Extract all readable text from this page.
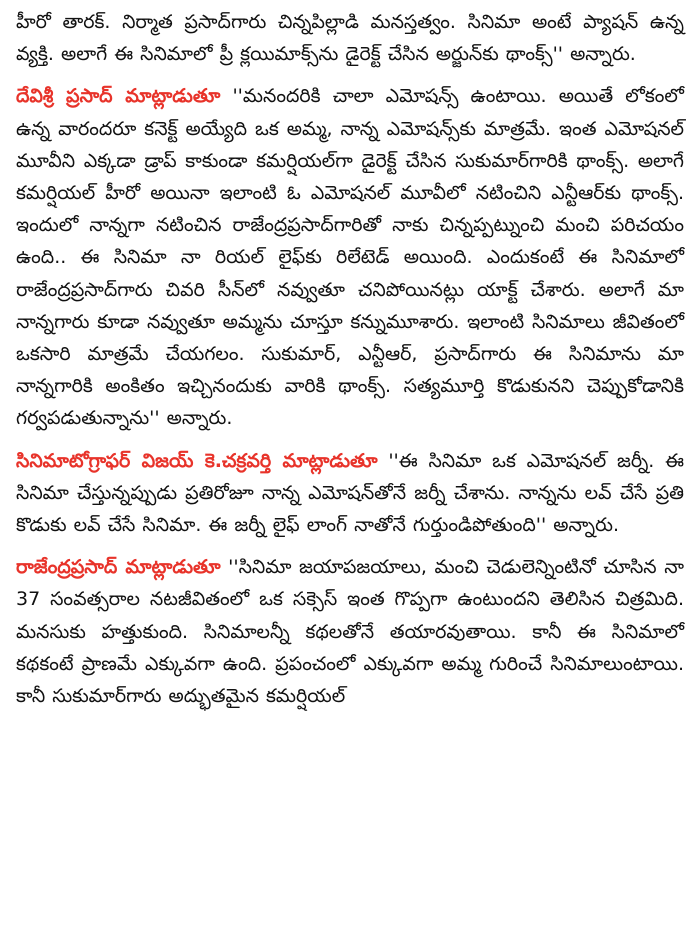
హీరో తారక్‌. నిర్మాత ప్రసాద్‌గారు చిన్నపిల్లాడి మనస్తత్వం. సినిమా అంటే ప్యాషన్‌ ఉన్న వ్యక్తి. అలాగే ఈ సినిమాలో ప్రీ క్లయిమాక్స్‌ను డైరెక్ట్‌ చేసిన అర్జున్‌కు థాంక్స్‌'' అన్నారు.

దేవిశ్రీ ప్రసాద్‌ మాట్లాడుతూ ''మనందరికి చాలా ఎమోషన్స్‌ ఉంటాయి. అయితే లోకంలో ఉన్న వారందరూ కనెక్ట్‌ అయ్యేది ఒక అమ్మ, నాన్న ఎమోషన్స్‌కు మాత్రమే. ఇంత ఎమోషనల్‌ మూవీని ఎక్కడా డ్రాప్‌ కాకుండా కమర్షియల్‌గా డైరెక్ట్‌ చేసిన సుకుమార్‌గారికి థాంక్స్‌. అలాగే కమర్షియల్‌ హీరో అయినా ఇలాంటి ఓ ఎమోషనల్‌ మూవీలో నటించిని ఎన్టీఆర్‌కు థాంక్స్‌. ఇందులో నాన్నగా నటించిన రాజేంద్రప్రసాద్‌గారితో నాకు చిన్నప్పట్నుంచి మంచి పరిచయం ఉంది.. ఈ సినిమా నా రియల్‌ లైఫ్‌కు రిలేటెడ్‌ అయింది. ఎందుకంటే ఈ సినిమాలో రాజేంద్రప్రసాద్‌గారు చివరి సీన్‌లో నవ్వుతూ చనిపోయినట్లు యాక్ట్‌ చేశారు. అలాగే మా నాన్నగారు కూడా నవ్వుతూ అమ్మను చూస్తూ కన్నుమూశారు. ఇలాంటి సినిమాలు జీవితంలో ఒకసారి మాత్రమే చేయగలం. సుకుమార్‌, ఎన్టీఆర్‌, ప్రసాద్‌గారు ఈ సినిమాను మా నాన్నగారికి అంకితం ఇచ్చినందుకు వారికి థాంక్స్‌. సత్యమూర్తి కొడుకునని చెప్పుకోడానికి గర్వపడుతున్నాను'' అన్నారు.

సినిమాటోగ్రాఫర్‌ విజయ్‌ కె.చక్రవర్తి మాట్లాడుతూ ''ఈ సినిమా ఒక ఎమోషనల్‌ జర్నీ. ఈ సినిమా చేస్తున్నప్పుడు ప్రతిరోజూ నాన్న ఎమోషన్‌తోనే జర్నీ చేశాను. నాన్నను లవ్‌ చేసే ప్రతి కొడుకు లవ్‌ చేసే సినిమా. ఈ జర్నీ లైఫ్‌ లాంగ్‌ నాతోనే గుర్తుండిపోతుంది'' అన్నారు.

రాజేంద్రప్రసాద్‌ మాట్లాడుతూ ''సినిమా జయాపజయాలు, మంచి చెడులెన్నింటినో చూసిన నా 37 సంవత్సరాల నటజీవితంలో ఒక సక్సెస్‌ ఇంత గొప్పగా ఉంటుందని తెలిసిన చిత్రమిది. మనసుకు హత్తుకుంది. సినిమాలన్నీ కథలతోనే తయారవుతాయి. కానీ ఈ సినిమాలో కథకంటే ప్రాణమే ఎక్కువగా ఉంది. ప్రపంచంలో ఎక్కువగా అమ్మ గురించే సినిమాలుంటాయి. కానీ సుకుమార్‌గారు అద్భుతమైన కమర్షియల్‌
